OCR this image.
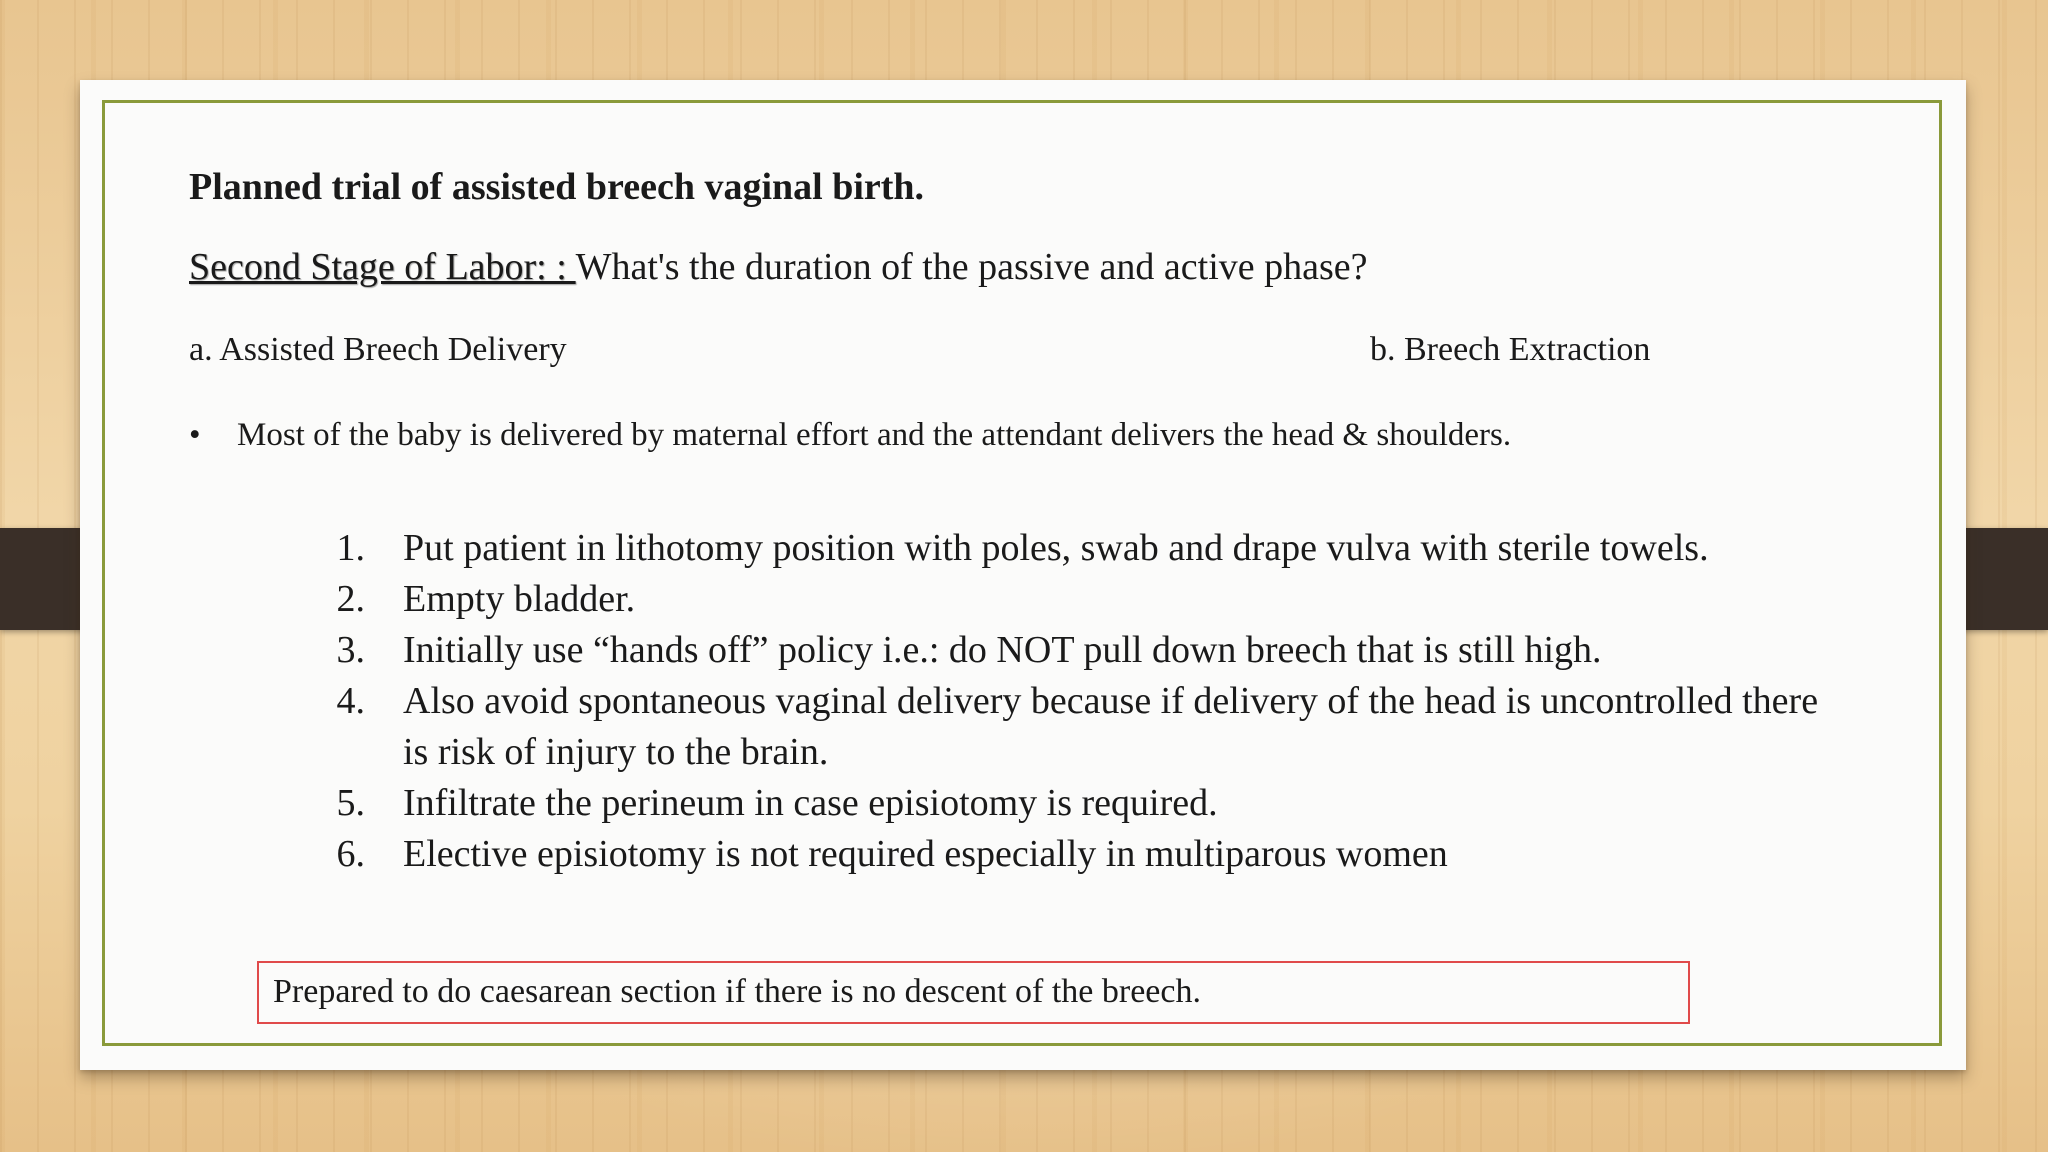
Planned trial of assisted breech vaginal birth.
Second Stage of Labor: : What's the duration of the passive and active phase?
a. Assisted Breech Delivery	b. Breech Extraction
• Most of the baby is delivered by maternal effort and the attendant delivers the head & shoulders.
1. Put patient in lithotomy position with poles, swab and drape vulva with sterile towels.
2. Empty bladder.
3. Initially use “hands off” policy i.e.: do NOT pull down breech that is still high.
4. Also avoid spontaneous vaginal delivery because if delivery of the head is uncontrolled there is risk of injury to the brain.
5. Infiltrate the perineum in case episiotomy is required.
6. Elective episiotomy is not required especially in multiparous women
Prepared to do caesarean section if there is no descent of the breech.
